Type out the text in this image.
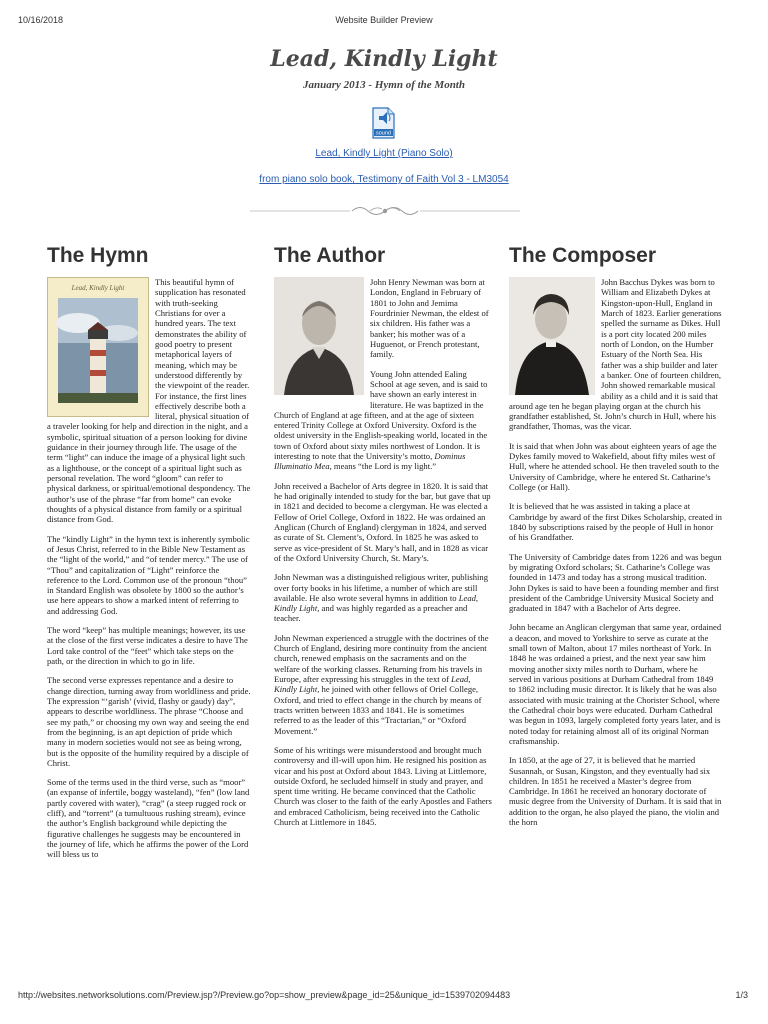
10/16/2018	Website Builder Preview
Lead, Kindly Light
January 2013 - Hymn of the Month
sound
Lead, Kindly Light (Piano Solo)
from piano solo book, Testimony of Faith Vol 3 - LM3054
The Hymn
Lead, Kindly Light

This beautiful hymn of supplication has resonated with truth-seeking Christians for over a hundred years. The text demonstrates the ability of good poetry to present metaphorical layers of meaning, which may be understood differently by the viewpoint of the reader. For instance, the first lines effectively describe both a literal, physical situation of a traveler looking for help and direction in the night, and a symbolic, spiritual situation of a person looking for divine guidance in their journey through life. The usage of the term “light” can induce the image of a physical light such as a lighthouse, or the concept of a spiritual light such as personal revelation. The word “gloom” can refer to physical darkness, or spiritual/emotional despondency. The author’s use of the phrase “far from home” can evoke thoughts of a physical distance from family or a spiritual distance from God.

The “kindly Light” in the hymn text is inherently symbolic of Jesus Christ, referred to in the Bible New Testament as the “light of the world,” and “of tender mercy.” The use of “Thou” and capitalization of “Light” reinforce the reference to the Lord. Common use of the pronoun “thou” in Standard English was obsolete by 1800 so the author’s use here appears to show a marked intent of referring to and addressing God.

The word “keep” has multiple meanings; however, its use at the close of the first verse indicates a desire to have The Lord take control of the “feet” which take steps on the path, or the direction in which to go in life.

The second verse expresses repentance and a desire to change direction, turning away from worldliness and pride. The expression “‘garish’ (vivid, flashy or gaudy) day”, appears to describe worldliness. The phrase “Choose and see my path,” or choosing my own way and seeing the end from the beginning, is an apt depiction of pride which many in modern societies would not see as being wrong, but is the opposite of the humility required by a disciple of Christ.

Some of the terms used in the third verse, such as “moor” (an expanse of infertile, boggy wasteland), “fen” (low land partly covered with water), “crag” (a steep rugged rock or cliff), and “torrent” (a tumultuous rushing stream), evince the author’s English background while depicting the figurative challenges he suggests may be encountered in the journey of life, which he affirms the power of the Lord will bless us to

The Author

John Henry Newman was born at London, England in February of 1801 to John and Jemima Fourdrinier Newman, the eldest of six children. His father was a banker; his mother was of a Huguenot, or French protestant, family.

Young John attended Ealing School at age seven, and is said to have shown an early interest in literature. He was baptized in the Church of England at age fifteen, and at the age of sixteen entered Trinity College at Oxford University. Oxford is the oldest university in the English-speaking world, located in the town of Oxford about sixty miles northwest of London. It is interesting to note that the University’s motto, Dominus Illuminatio Mea, means “the Lord is my light.”

John received a Bachelor of Arts degree in 1820. It is said that he had originally intended to study for the bar, but gave that up in 1821 and decided to become a clergyman. He was elected a Fellow of Oriel College, Oxford in 1822. He was ordained an Anglican (Church of England) clergyman in 1824, and served as curate of St. Clement’s, Oxford. In 1825 he was asked to serve as vice-president of St. Mary’s hall, and in 1828 as vicar of the Oxford University Church, St. Mary’s.

John Newman was a distinguished religious writer, publishing over forty books in his lifetime, a number of which are still available. He also wrote several hymns in addition to Lead, Kindly Light, and was highly regarded as a preacher and teacher.

John Newman experienced a struggle with the doctrines of the Church of England, desiring more continuity from the ancient church, renewed emphasis on the sacraments and on the welfare of the working classes. Returning from his travels in Europe, after expressing his struggles in the text of Lead, Kindly Light, he joined with other fellows of Oriel College, Oxford, and tried to effect change in the church by means of tracts written between 1833 and 1841. He is sometimes referred to as the leader of this “Tractarian,” or “Oxford Movement.”

Some of his writings were misunderstood and brought much controversy and ill-will upon him. He resigned his position as vicar and his post at Oxford about 1843. Living at Littlemore, outside Oxford, he secluded himself in study and prayer, and spent time writing. He became convinced that the Catholic Church was closer to the faith of the early Apostles and Fathers and embraced Catholicism, being received into the Catholic Church at Littlemore in 1845.

The Composer

John Bacchus Dykes was born to William and Elizabeth Dykes at Kingston-upon-Hull, England in March of 1823. Earlier generations spelled the surname as Dikes. Hull is a port city located 200 miles north of London, on the Humber Estuary of the North Sea. His father was a ship builder and later a banker. One of fourteen children, John showed remarkable musical ability as a child and it is said that around age ten he began playing organ at the church his grandfather established, St. John’s church in Hull, where his grandfather, Thomas, was the vicar.

It is said that when John was about eighteen years of age the Dykes family moved to Wakefield, about fifty miles west of Hull, where he attended school. He then traveled south to the University of Cambridge, where he entered St. Catharine’s College (or Hall).

It is believed that he was assisted in taking a place at Cambridge by award of the first Dikes Scholarship, created in 1840 by subscriptions raised by the people of Hull in honor of his Grandfather.

The University of Cambridge dates from 1226 and was begun by migrating Oxford scholars; St. Catharine’s College was founded in 1473 and today has a strong musical tradition. John Dykes is said to have been a founding member and first president of the Cambridge University Musical Society and graduated in 1847 with a Bachelor of Arts degree.

John became an Anglican clergyman that same year, ordained a deacon, and moved to Yorkshire to serve as curate at the small town of Malton, about 17 miles northeast of York. In 1848 he was ordained a priest, and the next year saw him moving another sixty miles north to Durham, where he served in various positions at Durham Cathedral from 1849 to 1862 including music director. It is likely that he was also associated with music training at the Chorister School, where the Cathedral choir boys were educated. Durham Cathedral was begun in 1093, largely completed forty years later, and is noted today for retaining almost all of its original Norman craftsmanship.

In 1850, at the age of 27, it is believed that he married Susannah, or Susan, Kingston, and they eventually had six children. In 1851 he received a Master’s degree from Cambridge. In 1861 he received an honorary doctorate of music degree from the University of Durham. It is said that in addition to the organ, he also played the piano, the violin and the horn

http://websites.networksolutions.com/Preview.jsp?/Preview.go?op=show_preview&page_id=25&unique_id=1539702094483	1/3
